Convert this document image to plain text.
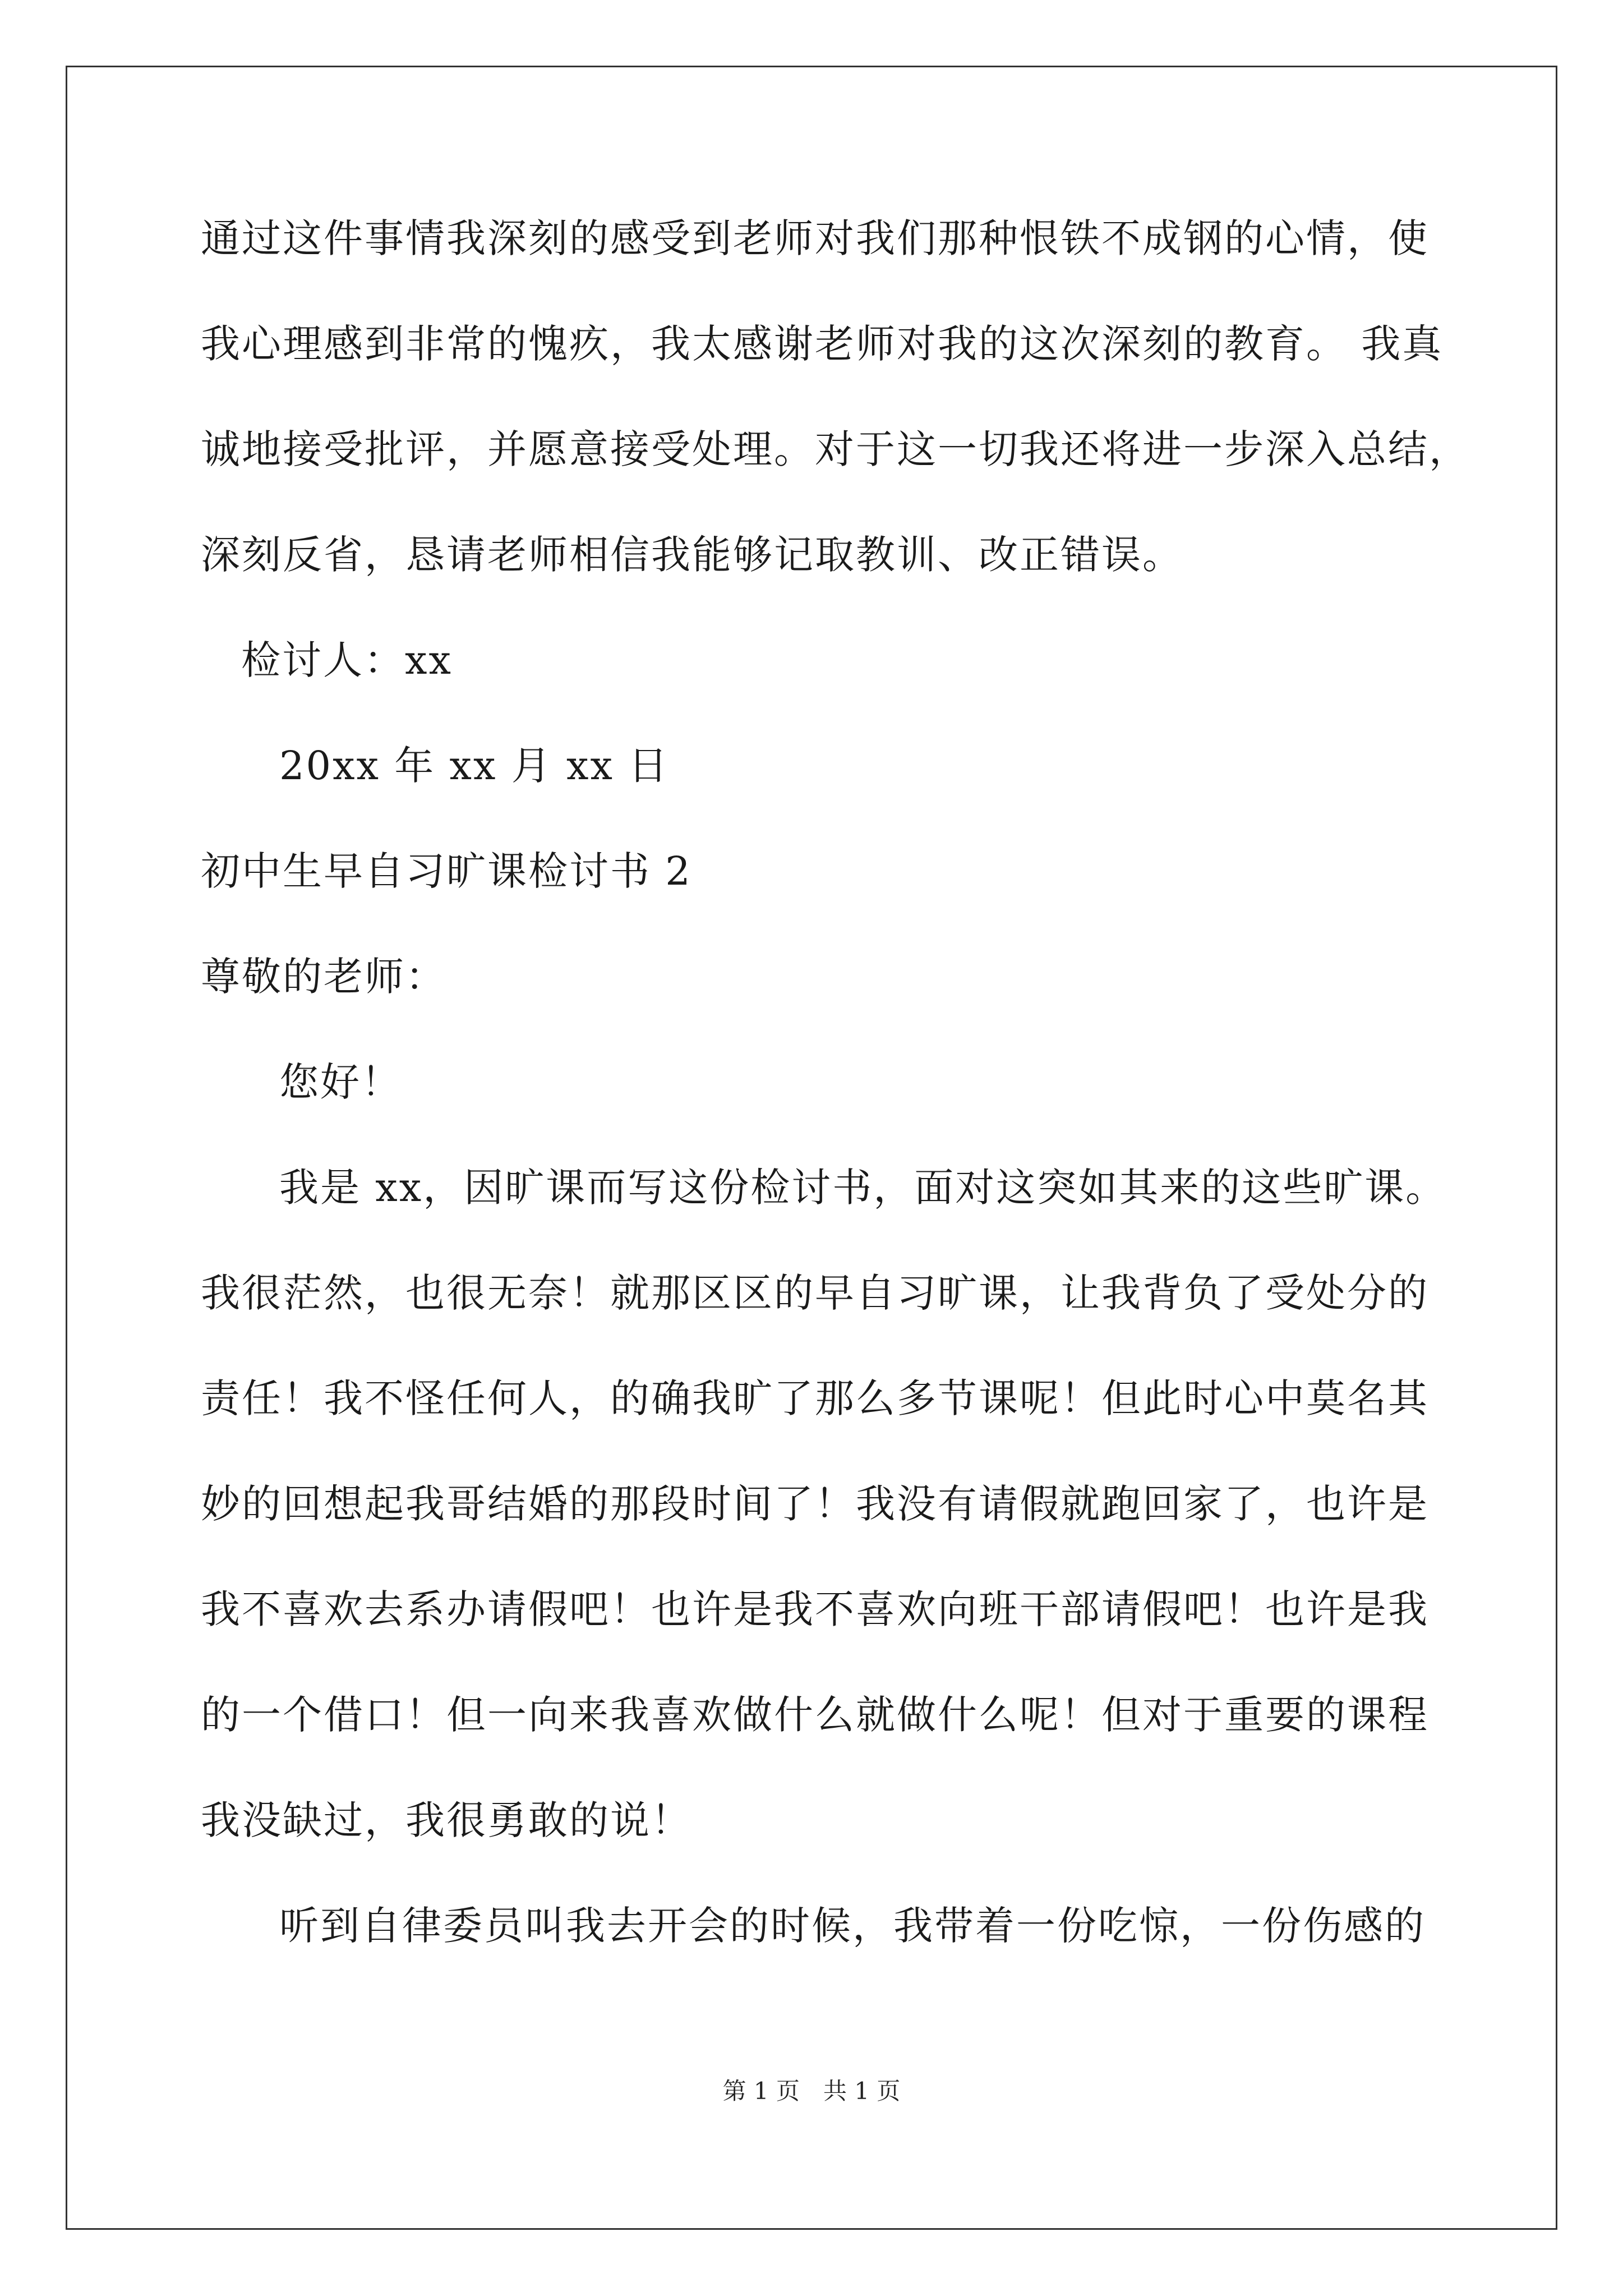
通过这件事情我深刻的感受到老师对我们那种恨铁不成钢的心情，使

我心理感到非常的愧疚，我太感谢老师对我的这次深刻的教育。 我真

诚地接受批评，并愿意接受处理。对于这一切我还将进一步深入总结，

深刻反省，恳请老师相信我能够记取教训、改正错误。

检讨人：xx

20xx 年 xx 月 xx 日

初中生早自习旷课检讨书 2

尊敬的老师：

您好！

我是 xx，因旷课而写这份检讨书，面对这突如其来的这些旷课。

我很茫然，也很无奈！就那区区的早自习旷课，让我背负了受处分的

责任！我不怪任何人，的确我旷了那么多节课呢！但此时心中莫名其

妙的回想起我哥结婚的那段时间了！我没有请假就跑回家了，也许是

我不喜欢去系办请假吧！也许是我不喜欢向班干部请假吧！也许是我

的一个借口！但一向来我喜欢做什么就做什么呢！但对于重要的课程

我没缺过，我很勇敢的说！

听到自律委员叫我去开会的时候，我带着一份吃惊，一份伤感的

第 1 页　共 1 页
